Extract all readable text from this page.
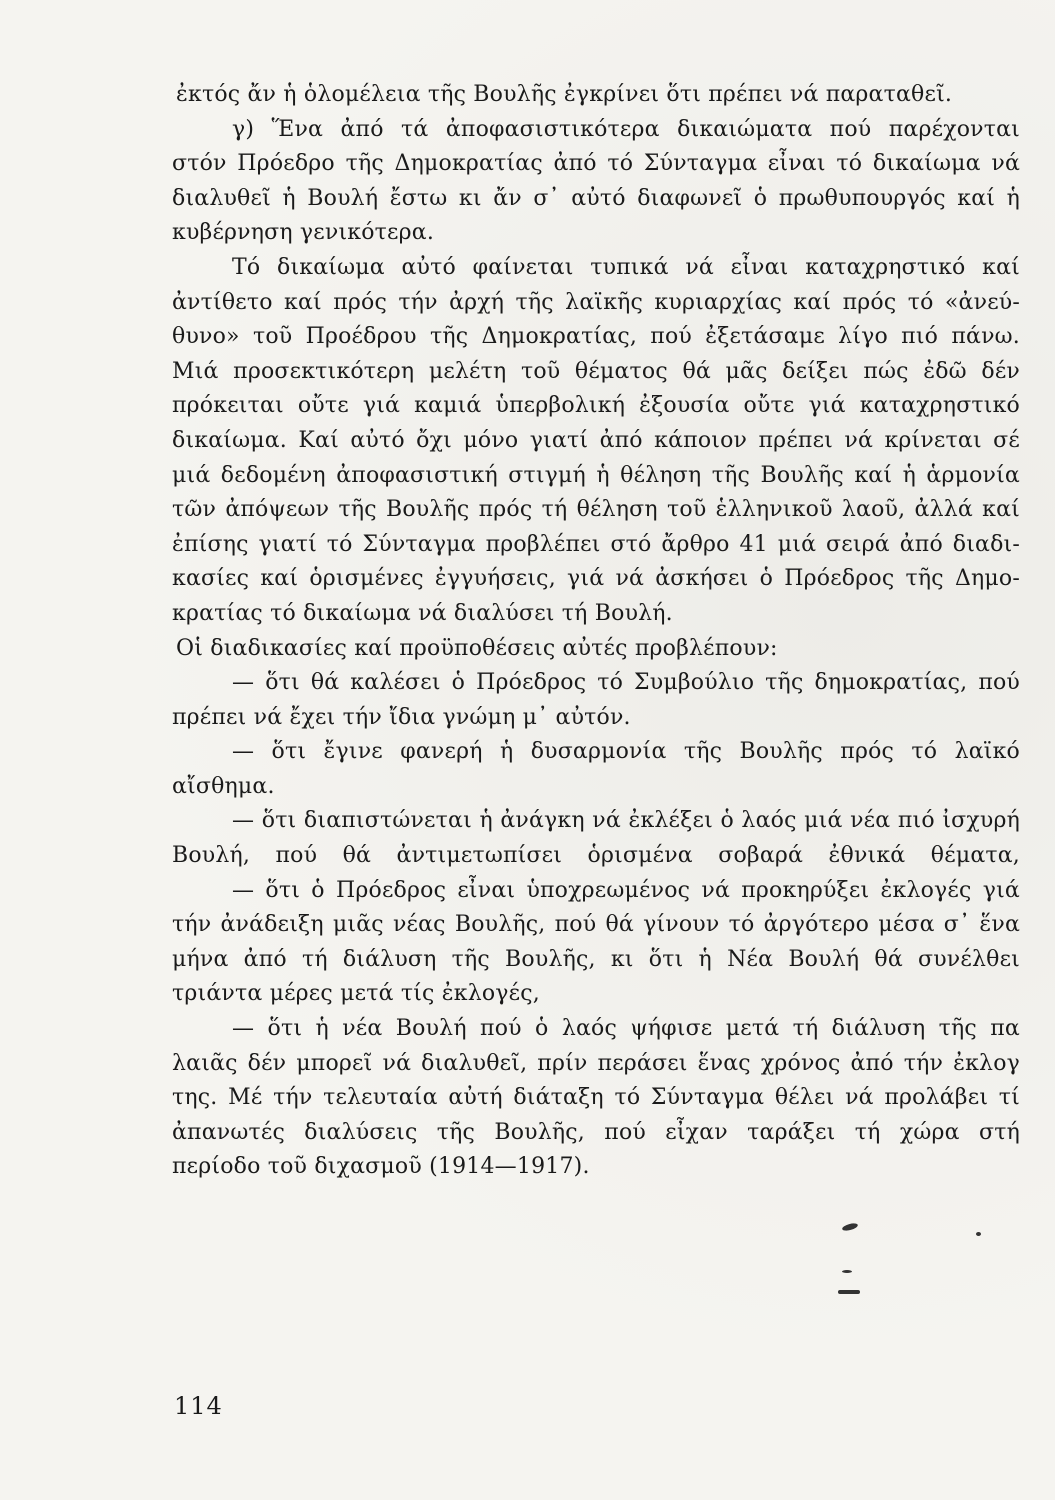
ἐκτός ἄν ἡ ὁλομέλεια τῆς Βουλῆς ἐγκρίνει ὅτι πρέπει νά παραταθεῖ.
γ) Ἕνα ἀπό τά ἀποφασιστικότερα δικαιώματα πού παρέχονται
στόν Πρόεδρο τῆς Δημοκρατίας ἀπό τό Σύνταγμα εἶναι τό δικαίωμα νά
διαλυθεῖ ἡ Βουλή ἔστω κι ἄν σ᾿ αὐτό διαφωνεῖ ὁ πρωθυπουργός καί ἡ
κυβέρνηση γενικότερα.
Τό δικαίωμα αὐτό φαίνεται τυπικά νά εἶναι καταχρηστικό καί
ἀντίθετο καί πρός τήν ἀρχή τῆς λαϊκῆς κυριαρχίας καί πρός τό «ἀνεύ-
θυνο» τοῦ Προέδρου τῆς Δημοκρατίας, πού ἐξετάσαμε λίγο πιό πάνω.
Μιά προσεκτικότερη μελέτη τοῦ θέματος θά μᾶς δείξει πώς ἐδῶ δέν
πρόκειται οὔτε γιά καμιά ὑπερβολική ἐξουσία οὔτε γιά καταχρηστικό
δικαίωμα. Καί αὐτό ὄχι μόνο γιατί ἀπό κάποιον πρέπει νά κρίνεται σέ
μιά δεδομένη ἀποφασιστική στιγμή ἡ θέληση τῆς Βουλῆς καί ἡ ἁρμονία
τῶν ἀπόψεων τῆς Βουλῆς πρός τή θέληση τοῦ ἑλληνικοῦ λαοῦ, ἀλλά καί
ἐπίσης γιατί τό Σύνταγμα προβλέπει στό ἄρθρο 41 μιά σειρά ἀπό διαδι-
κασίες καί ὁρισμένες ἐγγυήσεις, γιά νά ἀσκήσει ὁ Πρόεδρος τῆς Δημο-
κρατίας τό δικαίωμα νά διαλύσει τή Βουλή.
Οἱ διαδικασίες καί προϋποθέσεις αὐτές προβλέπουν:
— ὅτι θά καλέσει ὁ Πρόεδρος τό Συμβούλιο τῆς δημοκρατίας, πού
πρέπει νά ἔχει τήν ἴδια γνώμη μ᾿ αὐτόν.
— ὅτι ἔγινε φανερή ἡ δυσαρμονία τῆς Βουλῆς πρός τό λαϊκό
αἴσθημα.
— ὅτι διαπιστώνεται ἡ ἀνάγκη νά ἐκλέξει ὁ λαός μιά νέα πιό ἰσχυρή
Βουλή, πού θά ἀντιμετωπίσει ὁρισμένα σοβαρά ἐθνικά θέματα,
— ὅτι ὁ Πρόεδρος εἶναι ὑποχρεωμένος νά προκηρύξει ἐκλογές γιά
τήν ἀνάδειξη μιᾶς νέας Βουλῆς, πού θά γίνουν τό ἀργότερο μέσα σ᾿ ἕνα
μήνα ἀπό τή διάλυση τῆς Βουλῆς, κι ὅτι ἡ Νέα Βουλή θά συνέλθει
τριάντα μέρες μετά τίς ἐκλογές,
— ὅτι ἡ νέα Βουλή πού ὁ λαός ψήφισε μετά τή διάλυση τῆς πα
λαιᾶς δέν μπορεῖ νά διαλυθεῖ, πρίν περάσει ἕνας χρόνος ἀπό τήν ἐκλογ
της. Μέ τήν τελευταία αὐτή διάταξη τό Σύνταγμα θέλει νά προλάβει τί
ἀπανωτές διαλύσεις τῆς Βουλῆς, πού εἶχαν ταράξει τή χώρα στή
περίοδο τοῦ διχασμοῦ (1914—1917).
114
